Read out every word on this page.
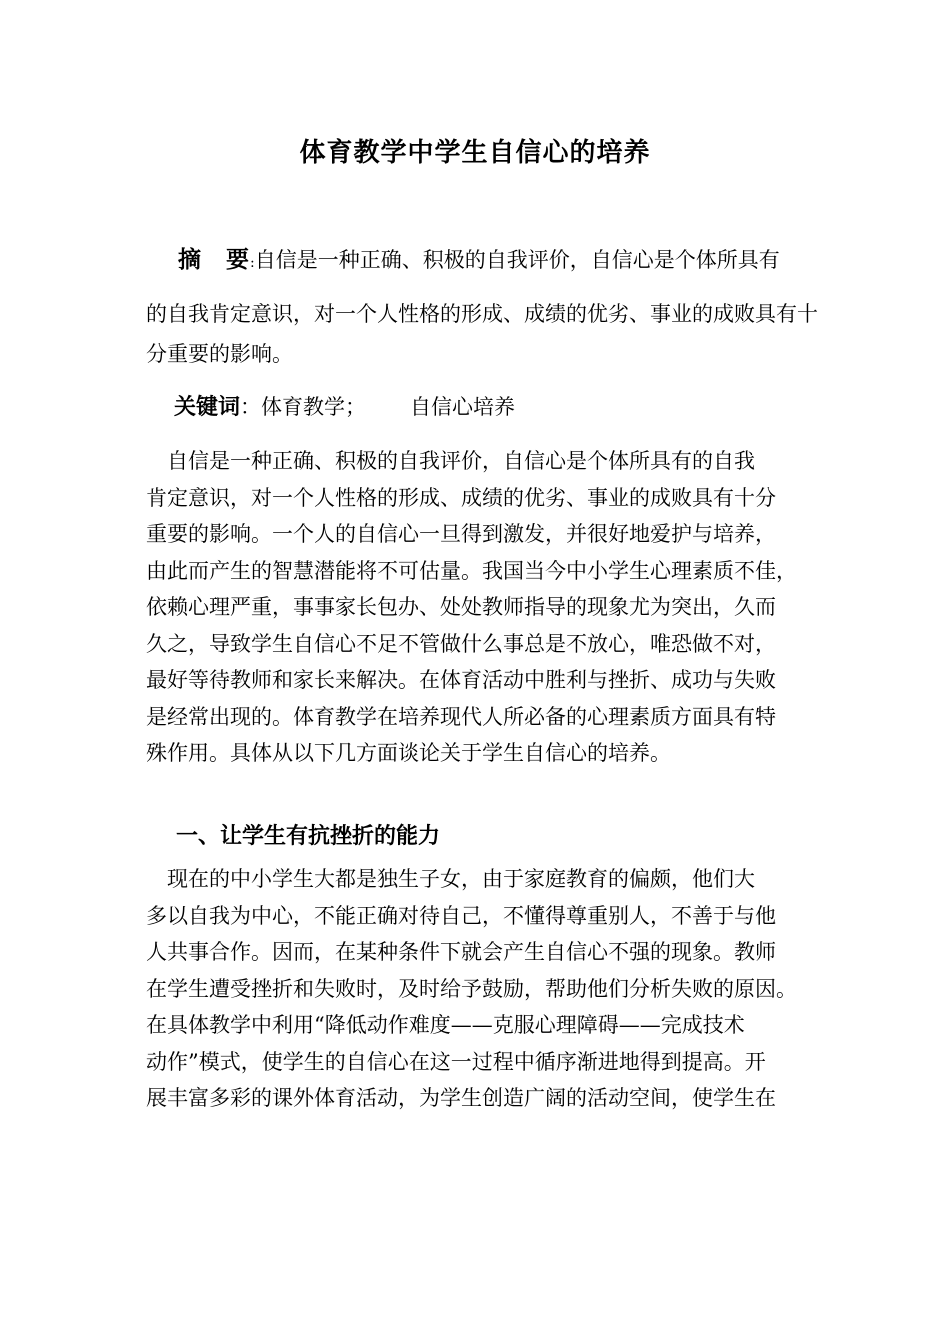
体育教学中学生自信心的培养
摘　要:自信是一种正确、积极的自我评价，自信心是个体所具有

的自我肯定意识，对一个人性格的形成、成绩的优劣、事业的成败具有十分重要的影响。

关键词：体育教学； 自信心培养
　自信是一种正确、积极的自我评价，自信心是个体所具有的自我
肯定意识，对一个人性格的形成、成绩的优劣、事业的成败具有十分
重要的影响。一个人的自信心一旦得到激发，并很好地爱护与培养，
由此而产生的智慧潜能将不可估量。我国当今中小学生心理素质不佳，
依赖心理严重，事事家长包办、处处教师指导的现象尤为突出，久而
久之，导致学生自信心不足不管做什么事总是不放心，唯恐做不对，
最好等待教师和家长来解决。在体育活动中胜利与挫折、成功与失败
是经常出现的。体育教学在培养现代人所必备的心理素质方面具有特
殊作用。具体从以下几方面谈论关于学生自信心的培养。
一、让学生有抗挫折的能力
　现在的中小学生大都是独生子女，由于家庭教育的偏颇，他们大
多以自我为中心，不能正确对待自己，不懂得尊重别人，不善于与他
人共事合作。因而，在某种条件下就会产生自信心不强的现象。教师
在学生遭受挫折和失败时，及时给予鼓励，帮助他们分析失败的原因。
在具体教学中利用“降低动作难度——克服心理障碍——完成技术
动作”模式，使学生的自信心在这一过程中循序渐进地得到提高。开
展丰富多彩的课外体育活动，为学生创造广阔的活动空间，使学生在
